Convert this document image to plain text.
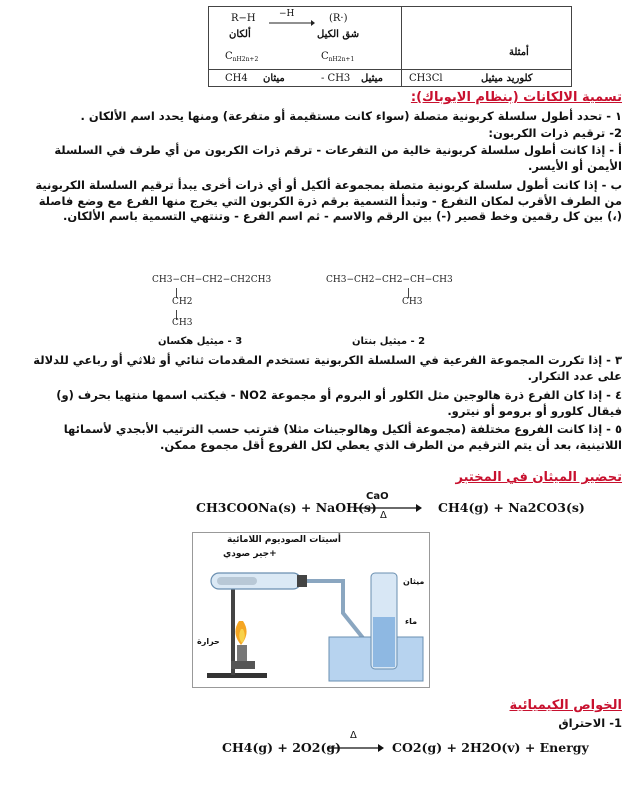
R−H	−H	(R·)
ألكان	شق الكيل
$C_{nH2n+2}$	$C_{nH2n+1}$
أمثلة
CH4 ميثان	- CH3 ميثيل	CH3Cl	كلوريد ميثيل
تسمية الالكانات (بنظام الايوباك):
١ - تحدد أطول سلسلة كربونية متصلة (سواء كانت مستقيمة أو متفرعة) ومنها يحدد اسم الألكان .
2- ترقيم ذرات الكربون:
أ - إذا كانت أطول سلسلة كربونية خالية من التفرعات - ترقم ذرات الكربون من أي طرف في السلسلة الأيمن أو الأيسر.
ب - إذا كانت أطول سلسلة كربونية متصلة بمجموعة ألكيل أو أي ذرات أخرى يبدأ ترقيم السلسلة الكربونية من الطرف الأقرب لمكان التفرع - وتبدأ التسمية برقم ذرة الكربون التي يخرج منها الفرع مع وضع فاصلة (،) بين كل رقمين وخط قصير (-) بين الرقم والاسم - ثم اسم الفرع - وتنتهي التسمية باسم الألكان.
CH3−CH−CH2−CH2CH3
CH2
CH3
3 - ميثيل هكسان
CH3−CH2−CH2−CH−CH3
CH3
2 - ميثيل بنتان
٣ - إذا تكررت المجموعة الفرعية في السلسلة الكربونية تستخدم المقدمات ثنائي أو ثلاثي أو رباعي للدلالة على عدد التكرار.
٤ - إذا كان الفرع ذرة هالوجين مثل الكلور أو البروم أو مجموعة NO2 - فيكتب اسمها منتهيا بحرف (و) فيقال كلورو أو برومو أو نيترو.
٥ - إذا كانت الفروع مختلفة (مجموعة ألكيل وهالوجينات مثلا) فترتب حسب الترتيب الأبجدي لأسمائها اللاتينية، بعد أن يتم الترقيم من الطرف الذي يعطي لكل الفروع أقل مجموع ممكن.
تحضير الميثان في المختبر
CH3COONa(s) + NaOH(s)
CaO
Δ
CH4(g) + Na2CO3(s)
أسيتات الصوديوم اللامائية
+جير صودي
حرارة
ميثان
ماء
الخواص الكيميائية
1- الاحتراق
CH4(g) + 2O2(g)
Δ
CO2(g) + 2H2O(v) + Energy
